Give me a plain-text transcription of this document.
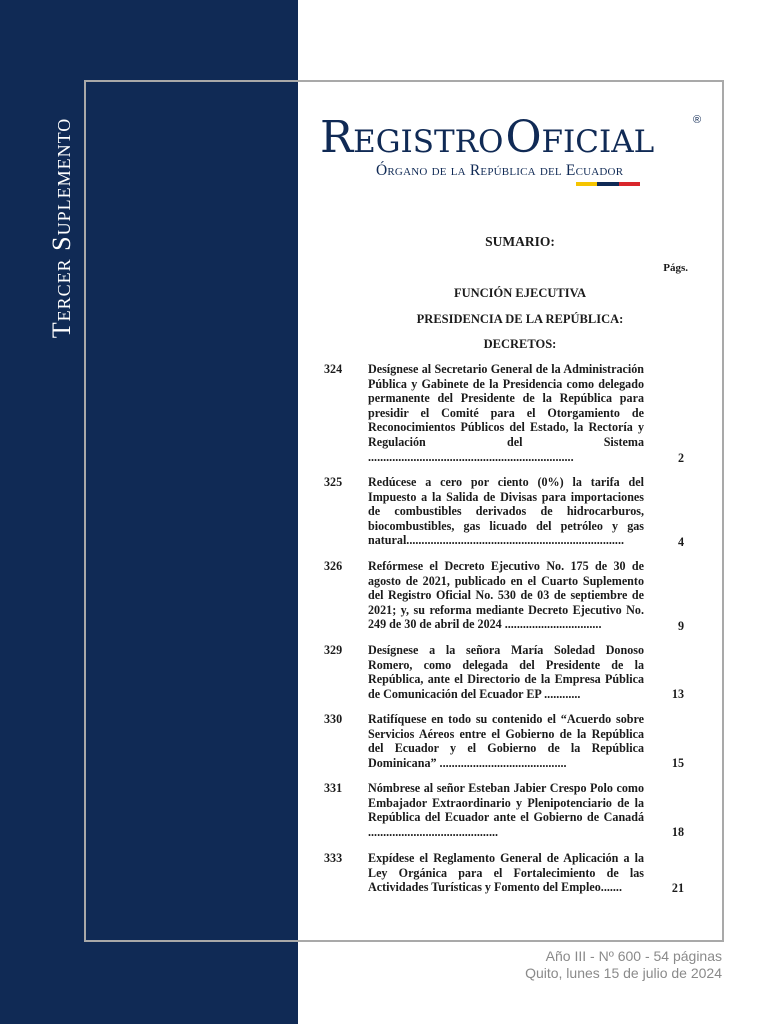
Tercer Suplemento	RegistroOficial	®
Órgano de la República del Ecuador
SUMARIO:
Págs.
FUNCIÓN EJECUTIVA
PRESIDENCIA DE LA REPÚBLICA:
DECRETOS:
324	Desígnese al Secretario General de la Administración Pública y Gabinete de la Presidencia como delegado permanente del Presidente de la República para presidir el Comité para el Otorgamiento de Reconocimientos Públicos del Estado, la Rectoría y Regulación del Sistema ....................................................................	2
325	Redúcese a cero por ciento (0%) la tarifa del Impuesto a la Salida de Divisas para importaciones de combustibles derivados de hidrocarburos, biocombustibles, gas licuado del petróleo y gas natural........................................................................	4
326	Refórmese el Decreto Ejecutivo No. 175 de 30 de agosto de 2021, publicado en el Cuarto Suplemento del Registro Oficial No. 530 de 03 de septiembre de 2021; y, su reforma mediante Decreto Ejecutivo No. 249 de 30 de abril de 2024 ................................	9
329	Desígnese a la señora María Soledad Donoso Romero, como delegada del Presidente de la República, ante el Directorio de la Empresa Pública de Comunicación del Ecuador EP ............	13
330	Ratifíquese en todo su contenido el “Acuerdo sobre Servicios Aéreos entre el Gobierno de la República del Ecuador y el Gobierno de la República Dominicana” ..........................................	15
331	Nómbrese al señor Esteban Jabier Crespo Polo como Embajador Extraordinario y Plenipotenciario de la República del Ecuador ante el Gobierno de Canadá ...........................................	18
333	Expídese el Reglamento General de Aplicación a la Ley Orgánica para el Fortalecimiento de las Actividades Turísticas y Fomento del Empleo.......	21
Año III - Nº 600 - 54 páginas
Quito, lunes 15 de julio de 2024
